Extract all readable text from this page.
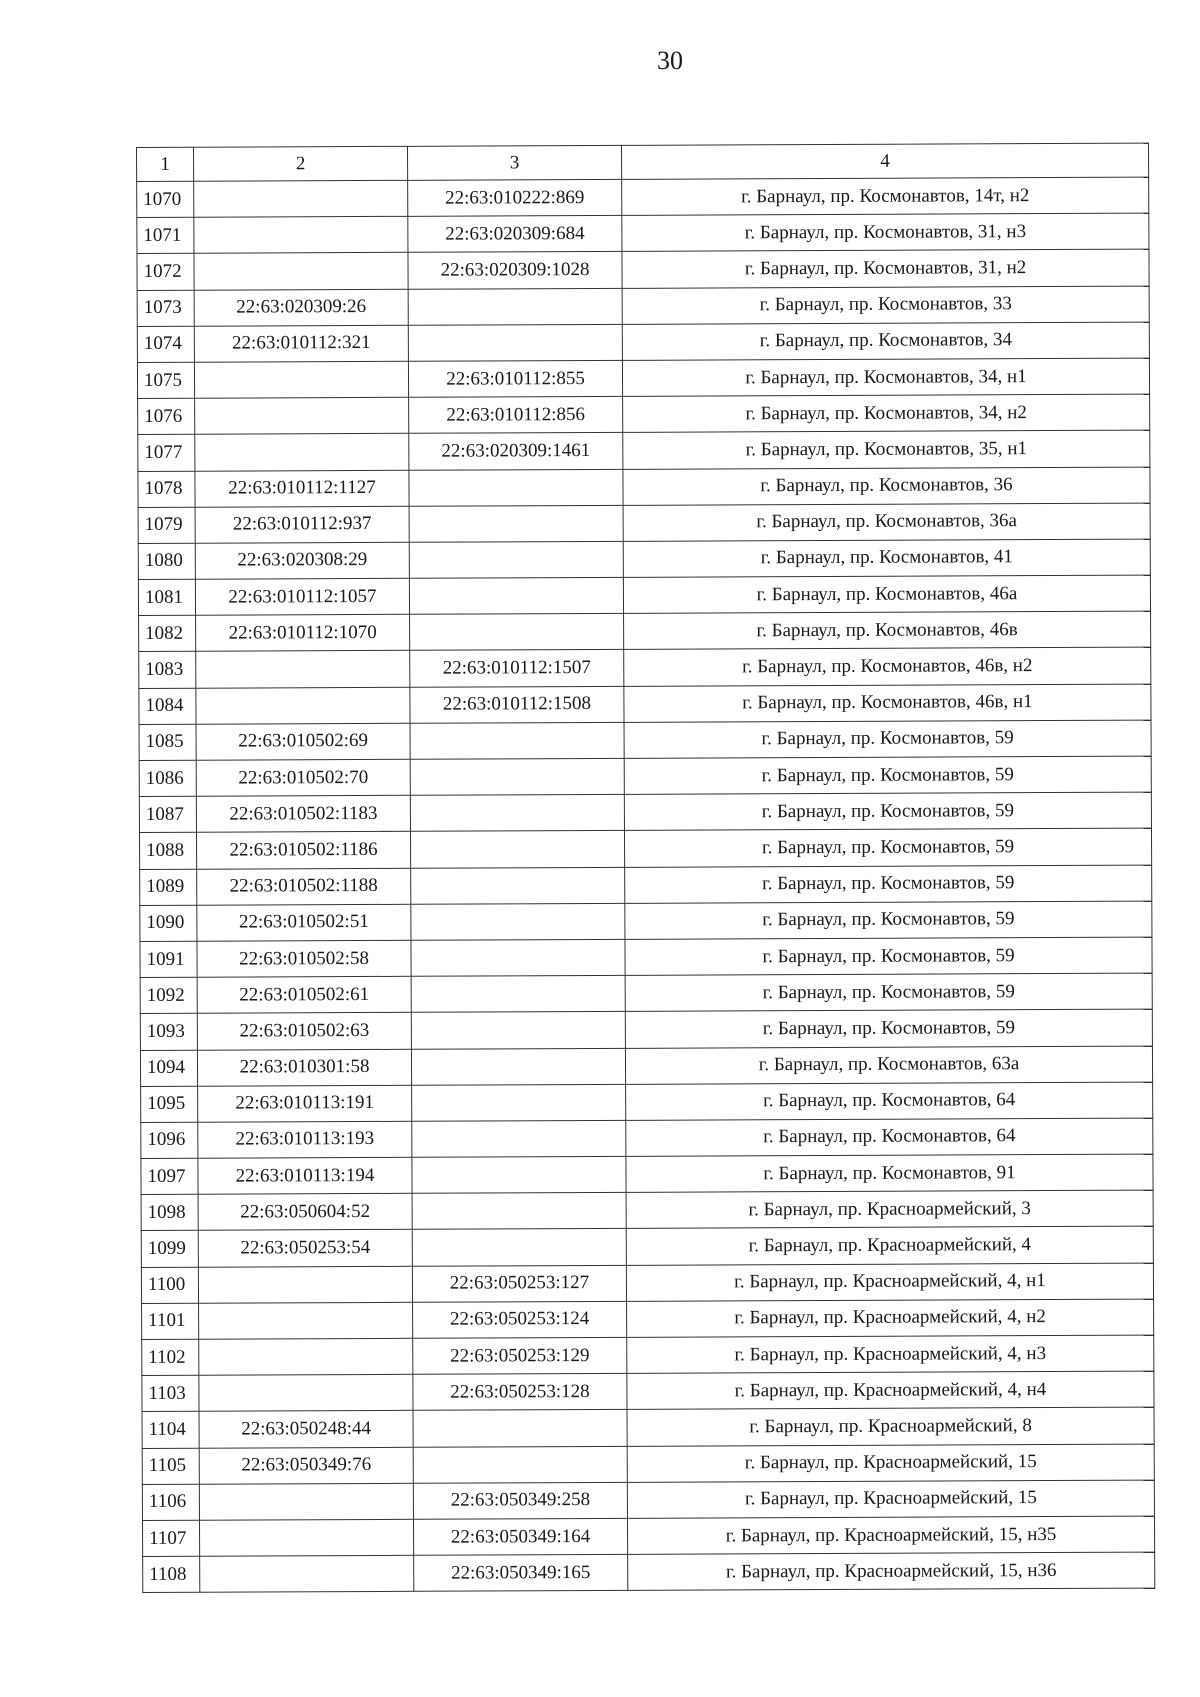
30
1	2	3	4
1070		22:63:010222:869	г. Барнаул, пр. Космонавтов, 14т, н2
1071		22:63:020309:684	г. Барнаул, пр. Космонавтов, 31, н3
1072		22:63:020309:1028	г. Барнаул, пр. Космонавтов, 31, н2
1073	22:63:020309:26		г. Барнаул, пр. Космонавтов, 33
1074	22:63:010112:321		г. Барнаул, пр. Космонавтов, 34
1075		22:63:010112:855	г. Барнаул, пр. Космонавтов, 34, н1
1076		22:63:010112:856	г. Барнаул, пр. Космонавтов, 34, н2
1077		22:63:020309:1461	г. Барнаул, пр. Космонавтов, 35, н1
1078	22:63:010112:1127		г. Барнаул, пр. Космонавтов, 36
1079	22:63:010112:937		г. Барнаул, пр. Космонавтов, 36а
1080	22:63:020308:29		г. Барнаул, пр. Космонавтов, 41
1081	22:63:010112:1057		г. Барнаул, пр. Космонавтов, 46а
1082	22:63:010112:1070		г. Барнаул, пр. Космонавтов, 46в
1083		22:63:010112:1507	г. Барнаул, пр. Космонавтов, 46в, н2
1084		22:63:010112:1508	г. Барнаул, пр. Космонавтов, 46в, н1
1085	22:63:010502:69		г. Барнаул, пр. Космонавтов, 59
1086	22:63:010502:70		г. Барнаул, пр. Космонавтов, 59
1087	22:63:010502:1183		г. Барнаул, пр. Космонавтов, 59
1088	22:63:010502:1186		г. Барнаул, пр. Космонавтов, 59
1089	22:63:010502:1188		г. Барнаул, пр. Космонавтов, 59
1090	22:63:010502:51		г. Барнаул, пр. Космонавтов, 59
1091	22:63:010502:58		г. Барнаул, пр. Космонавтов, 59
1092	22:63:010502:61		г. Барнаул, пр. Космонавтов, 59
1093	22:63:010502:63		г. Барнаул, пр. Космонавтов, 59
1094	22:63:010301:58		г. Барнаул, пр. Космонавтов, 63а
1095	22:63:010113:191		г. Барнаул, пр. Космонавтов, 64
1096	22:63:010113:193		г. Барнаул, пр. Космонавтов, 64
1097	22:63:010113:194		г. Барнаул, пр. Космонавтов, 91
1098	22:63:050604:52		г. Барнаул, пр. Красноармейский, 3
1099	22:63:050253:54		г. Барнаул, пр. Красноармейский, 4
1100		22:63:050253:127	г. Барнаул, пр. Красноармейский, 4, н1
1101		22:63:050253:124	г. Барнаул, пр. Красноармейский, 4, н2
1102		22:63:050253:129	г. Барнаул, пр. Красноармейский, 4, н3
1103		22:63:050253:128	г. Барнаул, пр. Красноармейский, 4, н4
1104	22:63:050248:44		г. Барнаул, пр. Красноармейский, 8
1105	22:63:050349:76		г. Барнаул, пр. Красноармейский, 15
1106		22:63:050349:258	г. Барнаул, пр. Красноармейский, 15
1107		22:63:050349:164	г. Барнаул, пр. Красноармейский, 15, н35
1108		22:63:050349:165	г. Барнаул, пр. Красноармейский, 15, н36
